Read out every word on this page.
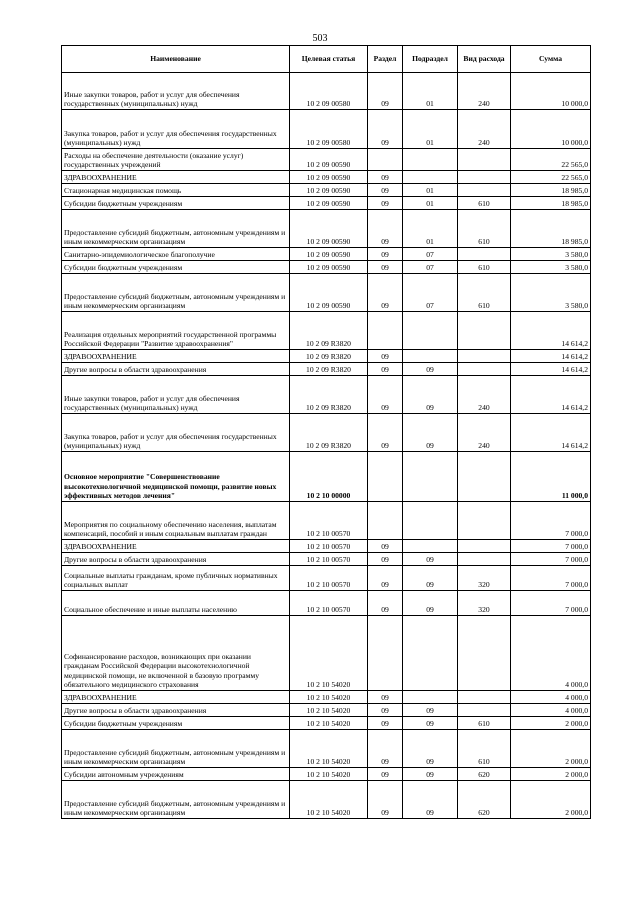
503
Наименование	Целевая статья	Раздел	Подраздел	Вид расхода	Сумма
Иные закупки товаров, работ и услуг для обеспечения государственных (муниципальных) нужд	10 2 09 00580	09	01	240	10 000,0
Закупка товаров, работ и услуг для обеспечения государственных (муниципальных) нужд	10 2 09 00580	09	01	240	10 000,0
Расходы на обеспечение деятельности (оказание услуг) государственных учреждений	10 2 09 00590				22 565,0
ЗДРАВООХРАНЕНИЕ	10 2 09 00590	09			22 565,0
Стационарная медицинская помощь	10 2 09 00590	09	01		18 985,0
Субсидии бюджетным учреждениям	10 2 09 00590	09	01	610	18 985,0
Предоставление субсидий бюджетным, автономным учреждениям и иным некоммерческим организациям	10 2 09 00590	09	01	610	18 985,0
Санитарно-эпидемиологическое благополучие	10 2 09 00590	09	07		3 580,0
Субсидии бюджетным учреждениям	10 2 09 00590	09	07	610	3 580,0
Предоставление субсидий бюджетным, автономным учреждениям и иным некоммерческим организациям	10 2 09 00590	09	07	610	3 580,0
Реализация отдельных мероприятий государственной программы Российской Федерации "Развитие здравоохранения"	10 2 09 R3820				14 614,2
ЗДРАВООХРАНЕНИЕ	10 2 09 R3820	09			14 614,2
Другие вопросы в области здравоохранения	10 2 09 R3820	09	09		14 614,2
Иные закупки товаров, работ и услуг для обеспечения государственных (муниципальных) нужд	10 2 09 R3820	09	09	240	14 614,2
Закупка товаров, работ и услуг для обеспечения государственных (муниципальных) нужд	10 2 09 R3820	09	09	240	14 614,2
Основное мероприятие "Совершенствование высокотехнологичной медицинской помощи, развитие новых эффективных методов лечения"	10 2 10 00000				11 000,0
Мероприятия по социальному обеспечению населения, выплатам компенсаций, пособий и иным социальным выплатам граждан	10 2 10 00570				7 000,0
ЗДРАВООХРАНЕНИЕ	10 2 10 00570	09			7 000,0
Другие вопросы в области здравоохранения	10 2 10 00570	09	09		7 000,0
Социальные выплаты гражданам, кроме публичных нормативных социальных выплат	10 2 10 00570	09	09	320	7 000,0
Социальное обеспечение и иные выплаты населению	10 2 10 00570	09	09	320	7 000,0
Софинансирование расходов, возникающих при оказании гражданам Российской Федерации высокотехнологичной медицинской помощи, не включенной в базовую программу обязательного медицинского страхования	10 2 10 54020				4 000,0
ЗДРАВООХРАНЕНИЕ	10 2 10 54020	09			4 000,0
Другие вопросы в области здравоохранения	10 2 10 54020	09	09		4 000,0
Субсидии бюджетным учреждениям	10 2 10 54020	09	09	610	2 000,0
Предоставление субсидий бюджетным, автономным учреждениям и иным некоммерческим организациям	10 2 10 54020	09	09	610	2 000,0
Субсидии автономным учреждениям	10 2 10 54020	09	09	620	2 000,0
Предоставление субсидий бюджетным, автономным учреждениям и иным некоммерческим организациям	10 2 10 54020	09	09	620	2 000,0
